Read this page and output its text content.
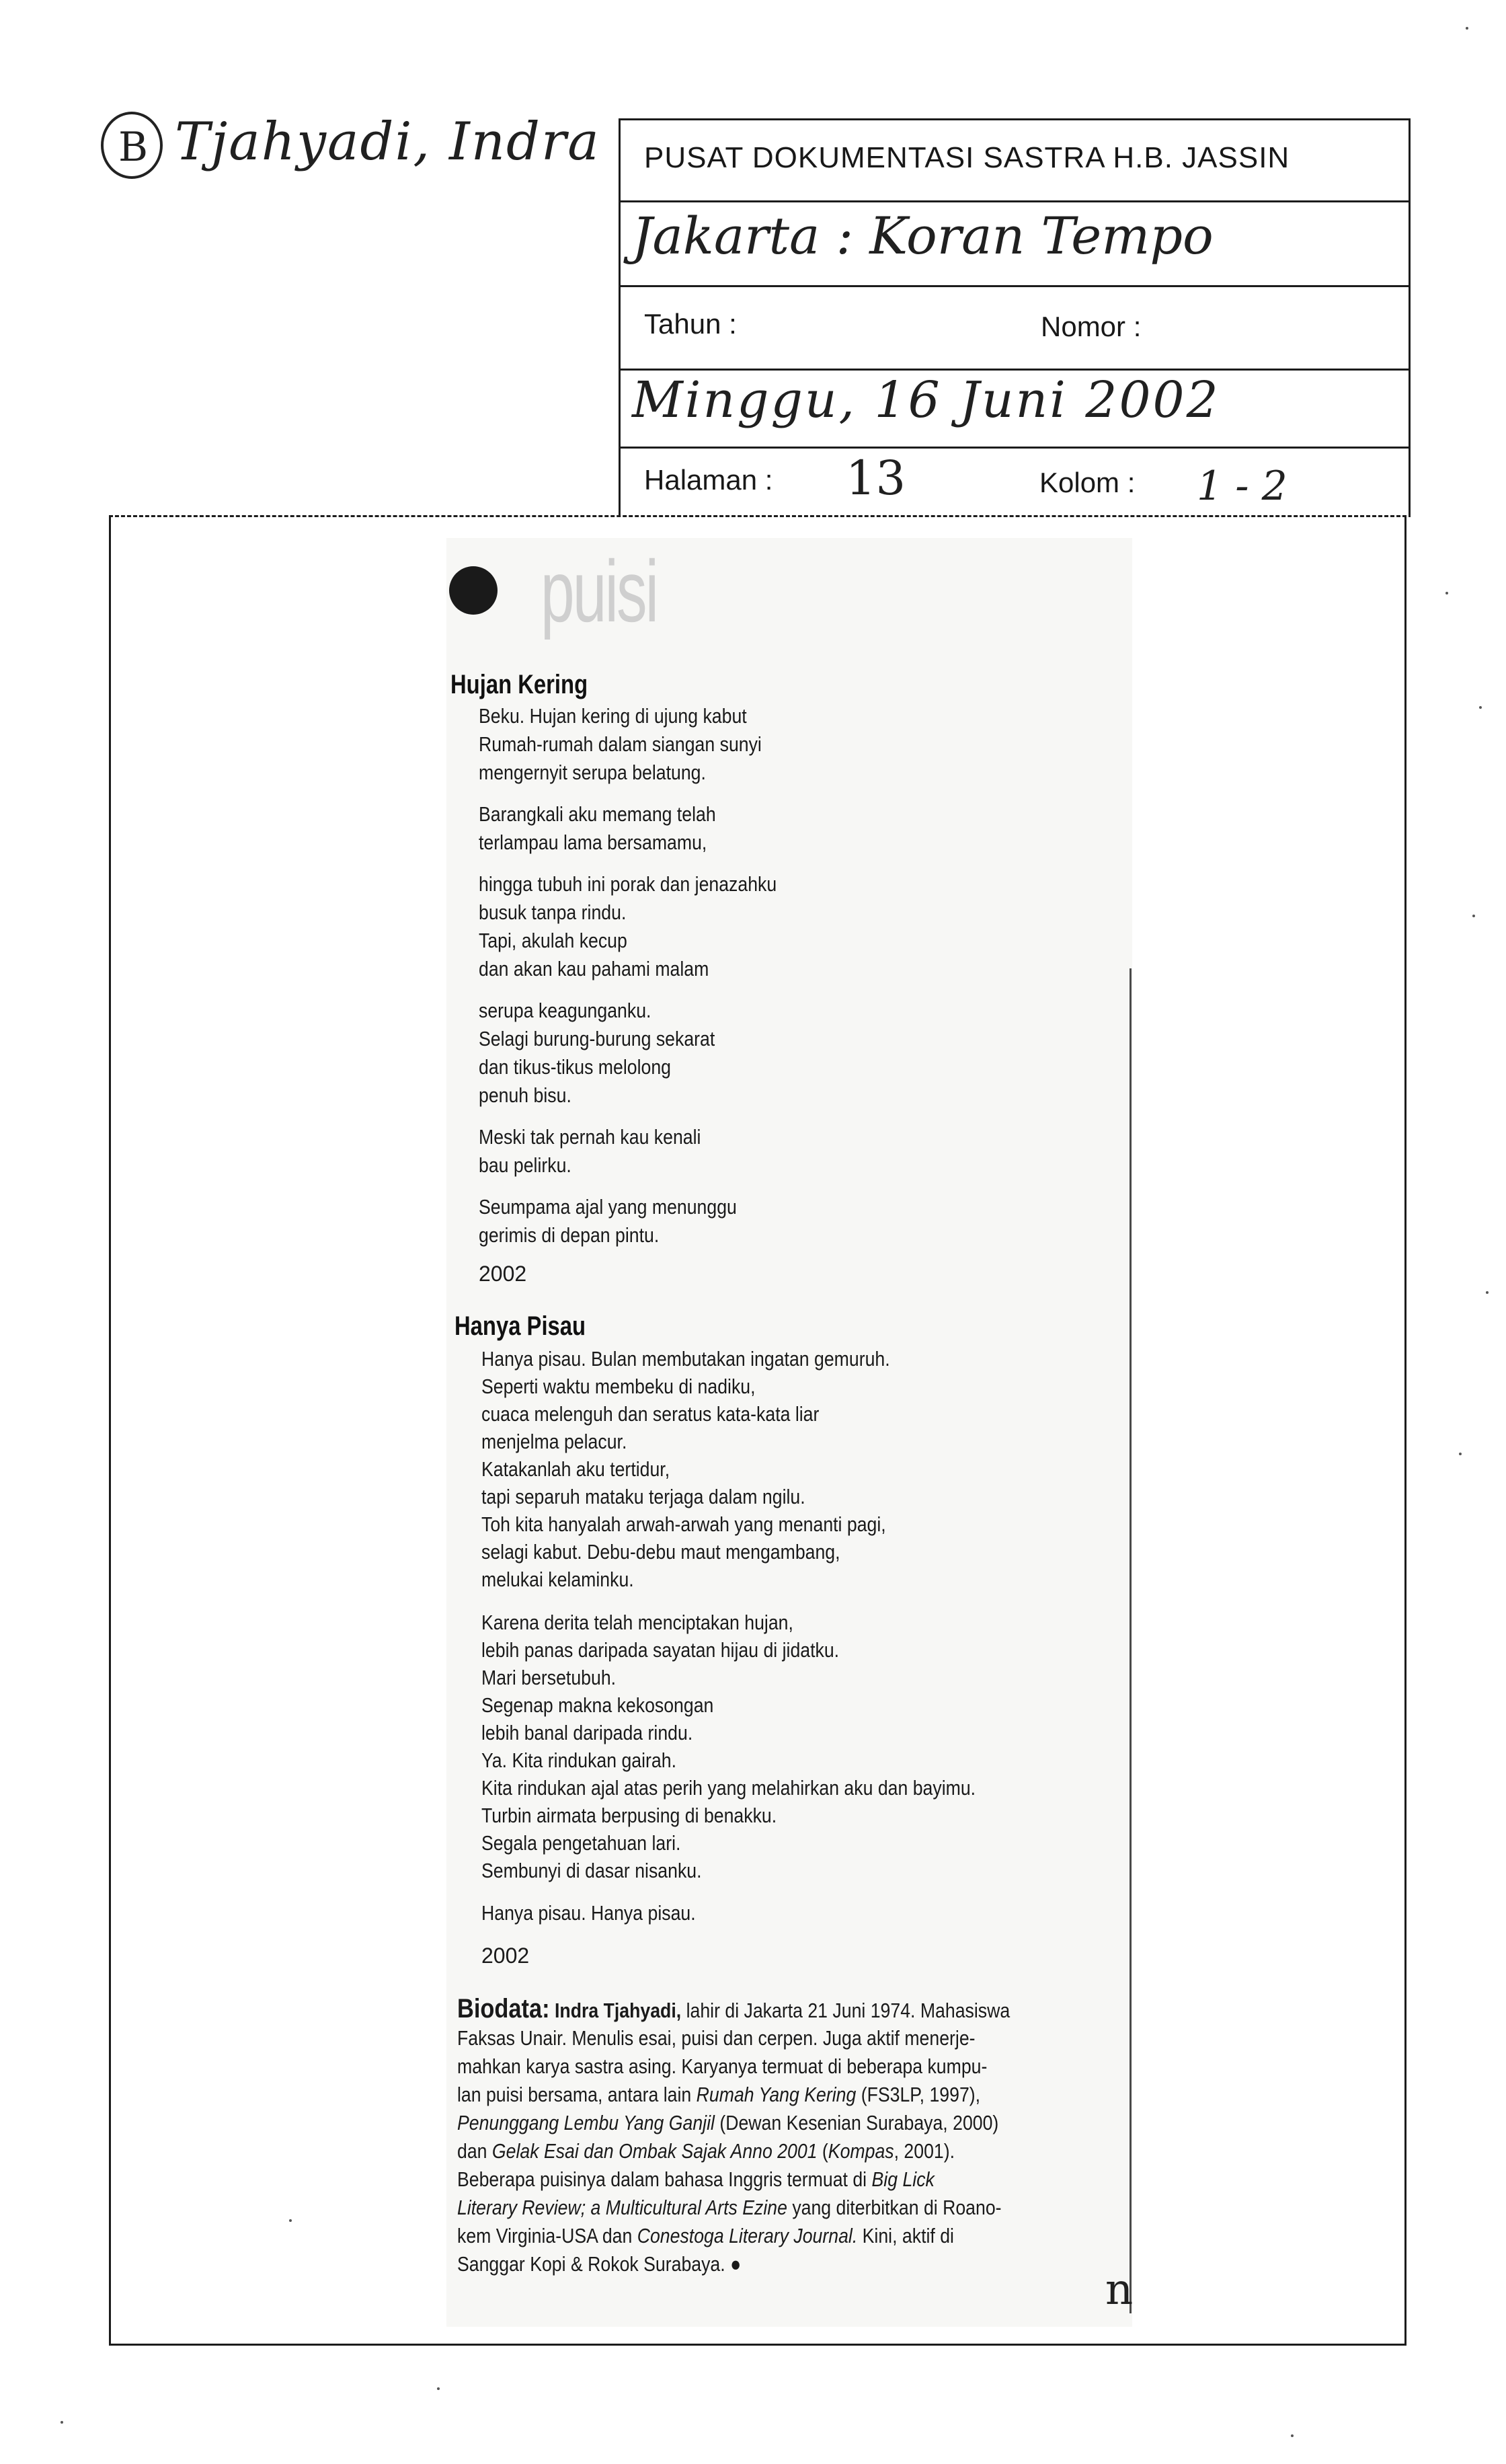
B Tjahyadi, Indra PUSAT DOKUMENTASI SASTRA H.B. JASSIN
Jakarta : Koran Tempo
Tahun :	Nomor :
Minggu, 16 Juni 2002
Halaman : 13	Kolom : 1 - 2
puisi
Hujan Kering
Beku. Hujan kering di ujung kabut
Rumah-rumah dalam siangan sunyi
mengernyit serupa belatung.
Barangkali aku memang telah
terlampau lama bersamamu,
hingga tubuh ini porak dan jenazahku
busuk tanpa rindu.
Tapi, akulah kecup
dan akan kau pahami malam
serupa keagunganku.
Selagi burung-burung sekarat
dan tikus-tikus melolong
penuh bisu.
Meski tak pernah kau kenali
bau pelirku.
Seumpama ajal yang menunggu
gerimis di depan pintu.
2002
Hanya Pisau
Hanya pisau. Bulan membutakan ingatan gemuruh.
Seperti waktu membeku di nadiku,
cuaca melenguh dan seratus kata-kata liar
menjelma pelacur.
Katakanlah aku tertidur,
tapi separuh mataku terjaga dalam ngilu.
Toh kita hanyalah arwah-arwah yang menanti pagi,
selagi kabut. Debu-debu maut mengambang,
melukai kelaminku.
Karena derita telah menciptakan hujan,
lebih panas daripada sayatan hijau di jidatku.
Mari bersetubuh.
Segenap makna kekosongan
lebih banal daripada rindu.
Ya. Kita rindukan gairah.
Kita rindukan ajal atas perih yang melahirkan aku dan bayimu.
Turbin airmata berpusing di benakku.
Segala pengetahuan lari.
Sembunyi di dasar nisanku.
Hanya pisau. Hanya pisau.
2002
Biodata: Indra Tjahyadi, lahir di Jakarta 21 Juni 1974. Mahasiswa
Faksas Unair. Menulis esai, puisi dan cerpen. Juga aktif menerje-
mahkan karya sastra asing. Karyanya termuat di beberapa kumpu-
lan puisi bersama, antara lain Rumah Yang Kering (FS3LP, 1997),
Penunggang Lembu Yang Ganjil (Dewan Kesenian Surabaya, 2000)
dan Gelak Esai dan Ombak Sajak Anno 2001 (Kompas, 2001).
Beberapa puisinya dalam bahasa Inggris termuat di Big Lick
Literary Review; a Multicultural Arts Ezine yang diterbitkan di Roano-
kem Virginia-USA dan Conestoga Literary Journal. Kini, aktif di
Sanggar Kopi & Rokok Surabaya. ●
n
